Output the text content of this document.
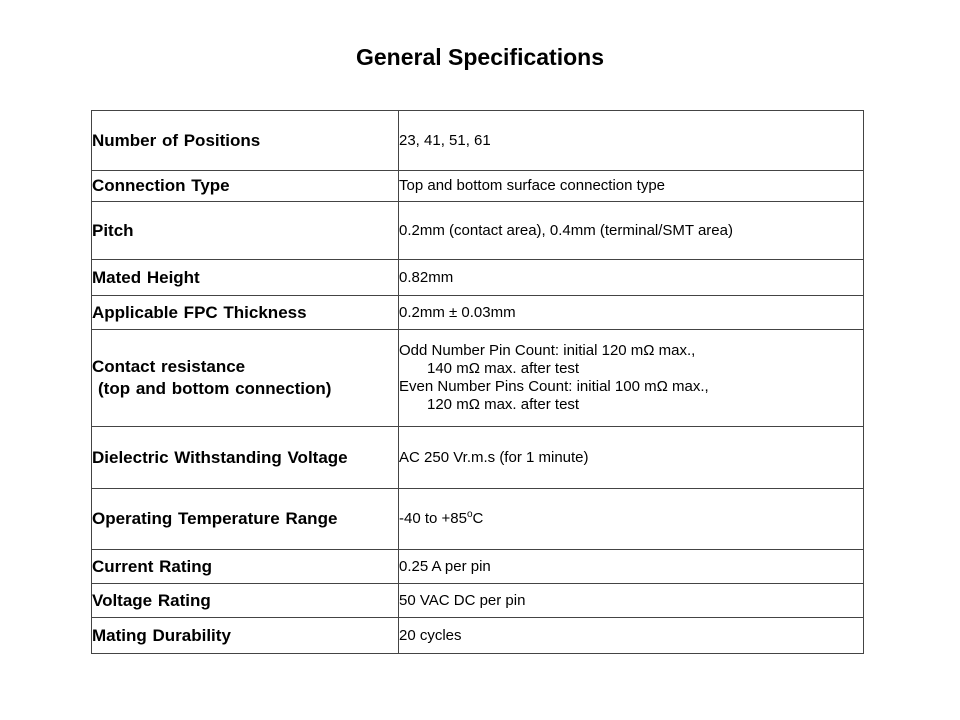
General Specifications
Number of Positions	23, 41, 51, 61
Connection Type	Top and bottom surface connection type
Pitch	0.2mm (contact area), 0.4mm (terminal/SMT area)
Mated Height	0.82mm
Applicable FPC Thickness	0.2mm ± 0.03mm

Contact resistance
(top and bottom connection)	Odd Number Pin Count: initial 120 mΩ max.,
140 mΩ max. after test
Even Number Pins Count: initial 100 mΩ max.,
120 mΩ max. after test

Dielectric Withstanding Voltage	AC 250 Vr.m.s (for 1 minute)
Operating Temperature Range	-40 to $+85^oC$
Current Rating	0.25 A per pin
Voltage Rating	50 VAC DC per pin
Mating Durability	20 cycles
